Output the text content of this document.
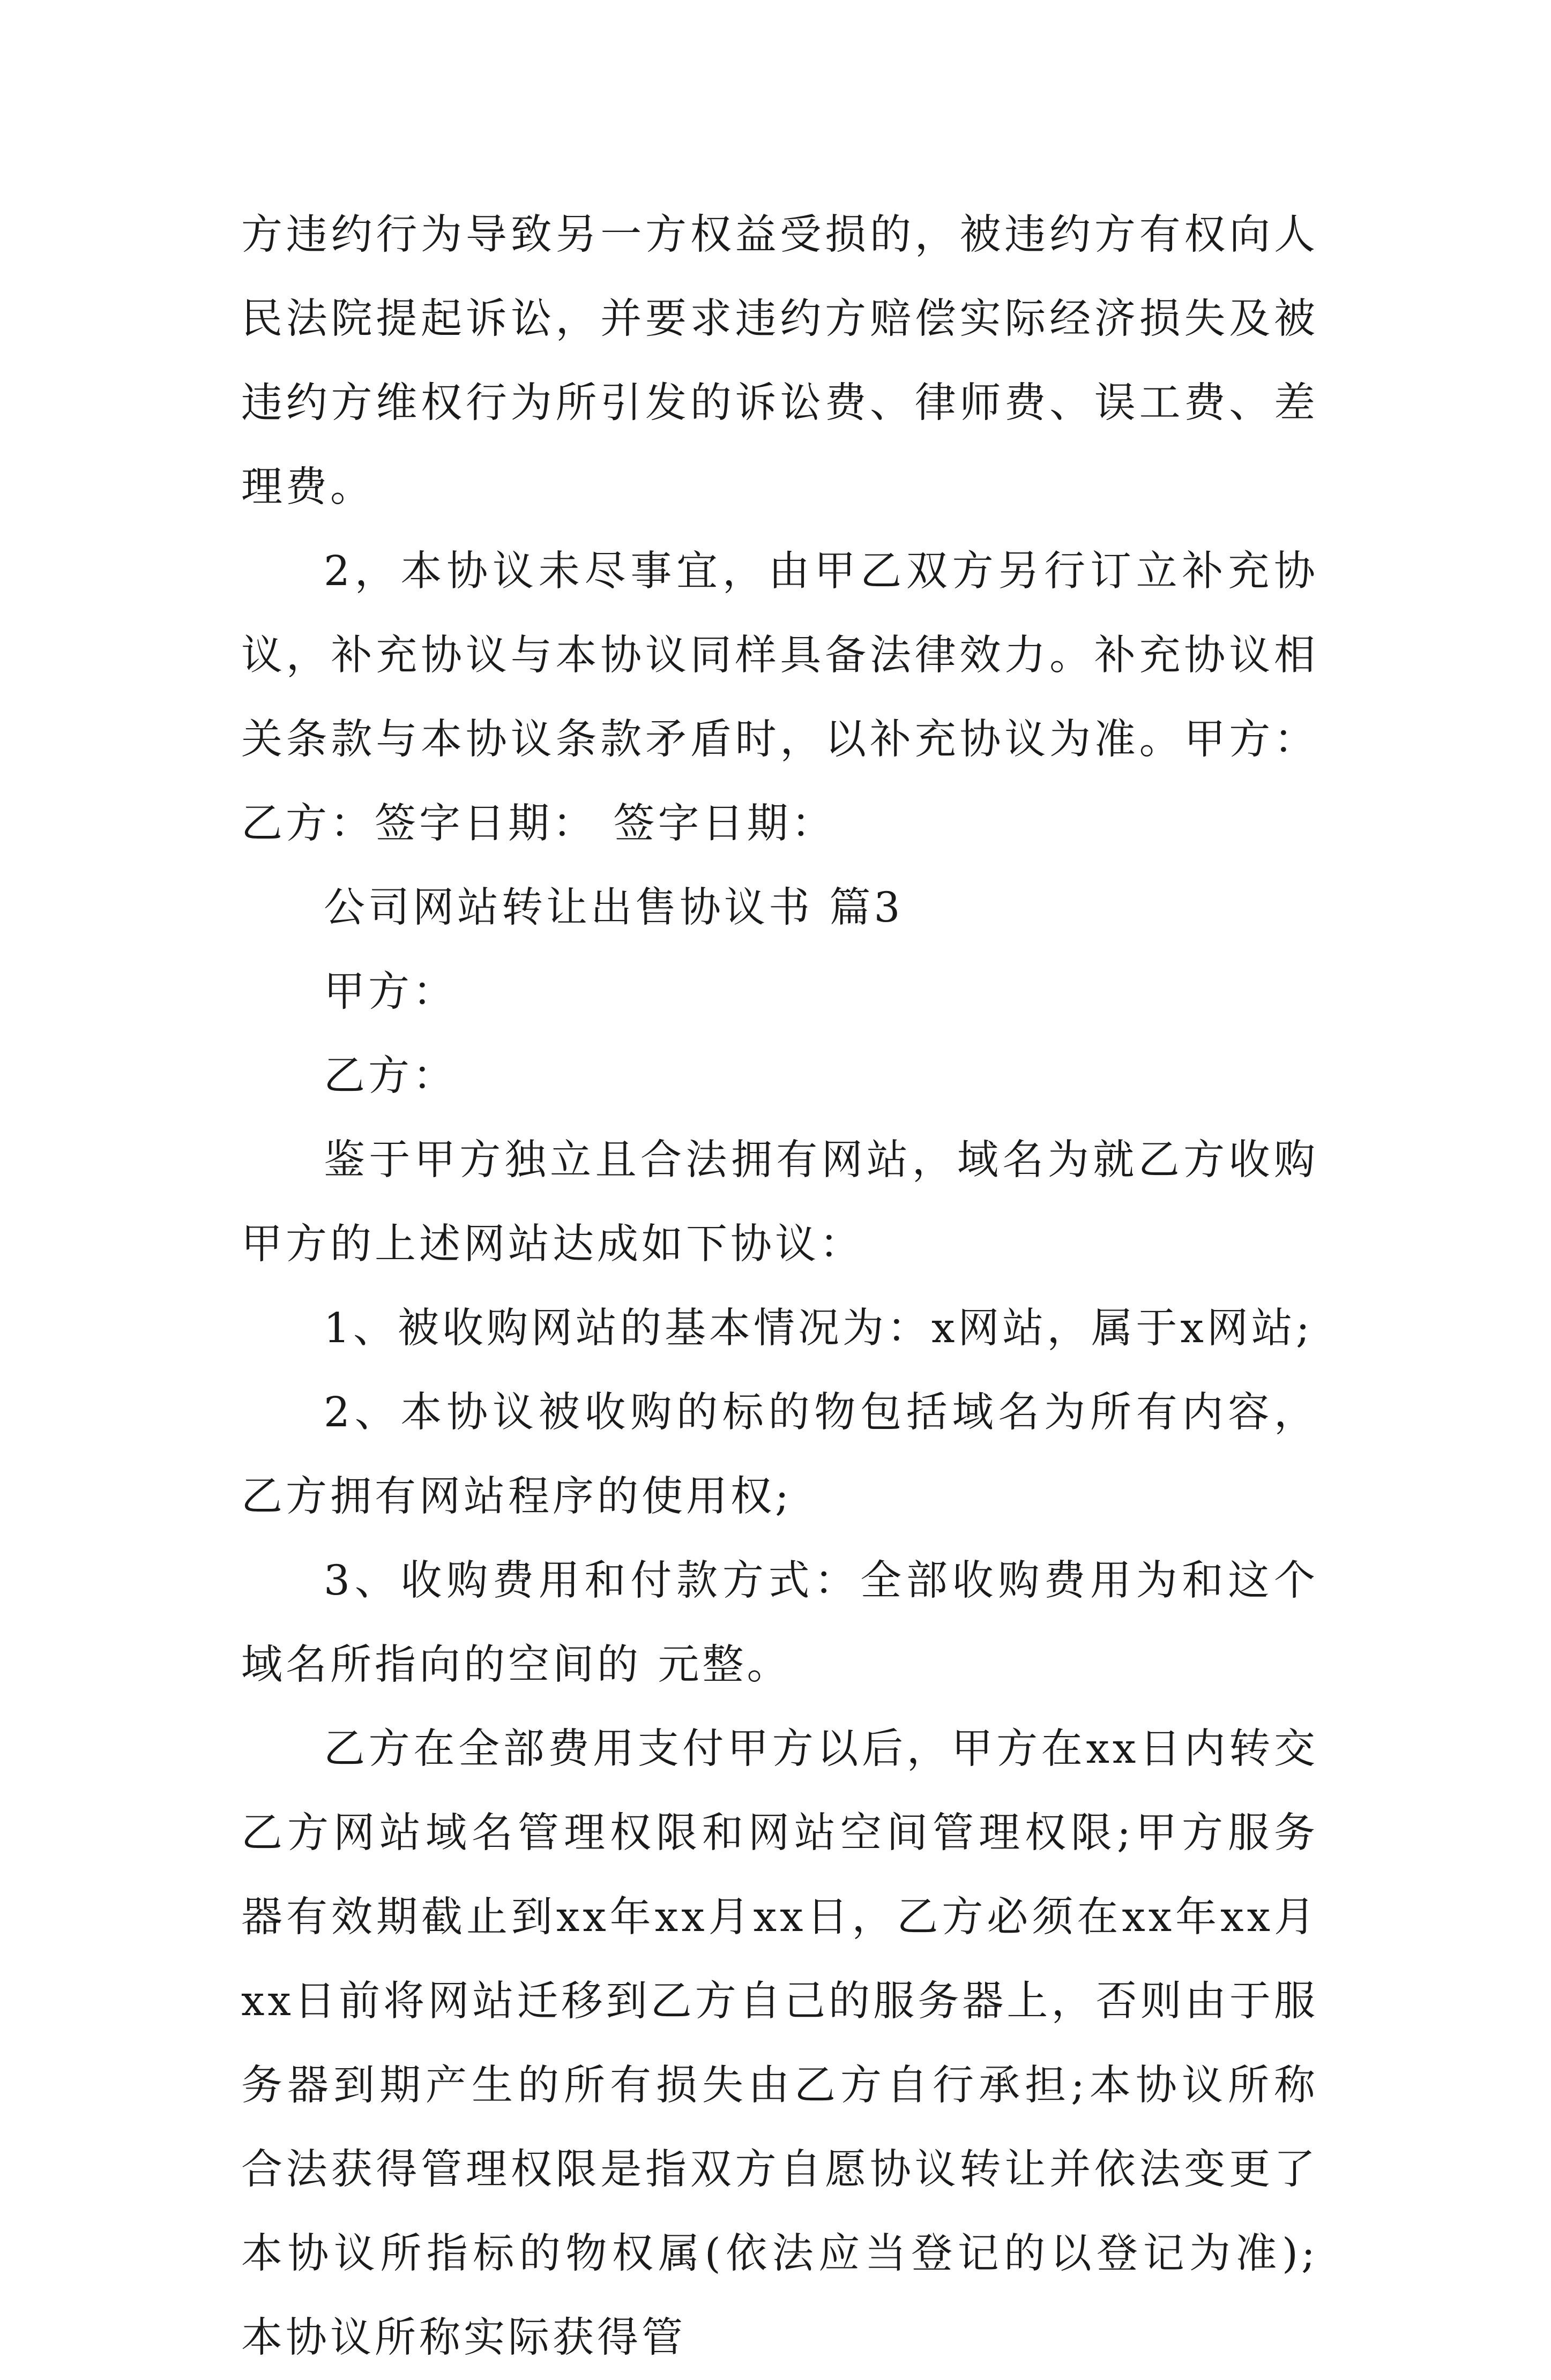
方违约行为导致另一方权益受损的，被违约方有权向人民法院提起诉讼，并要求违约方赔偿实际经济损失及被违约方维权行为所引发的诉讼费、律师费、误工费、差理费。

2，本协议未尽事宜，由甲乙双方另行订立补充协议，补充协议与本协议同样具备法律效力。补充协议相关条款与本协议条款矛盾时，以补充协议为准。甲方： 乙方：签字日期： 签字日期：

公司网站转让出售协议书 篇3

甲方：

乙方：

鉴于甲方独立且合法拥有网站，域名为就乙方收购甲方的上述网站达成如下协议：

1、被收购网站的基本情况为：x网站，属于x网站;

2、本协议被收购的标的物包括域名为所有内容，乙方拥有网站程序的使用权;

3、收购费用和付款方式：全部收购费用为和这个域名所指向的空间的 元整。

乙方在全部费用支付甲方以后，甲方在xx日内转交乙方网站域名管理权限和网站空间管理权限;甲方服务器有效期截止到xx年xx月xx日，乙方必须在xx年xx月xx日前将网站迁移到乙方自己的服务器上，否则由于服务器到期产生的所有损失由乙方自行承担;本协议所称合法获得管理权限是指双方自愿协议转让并依法变更了本协议所指标的物权属(依法应当登记的以登记为准);本协议所称实际获得管
